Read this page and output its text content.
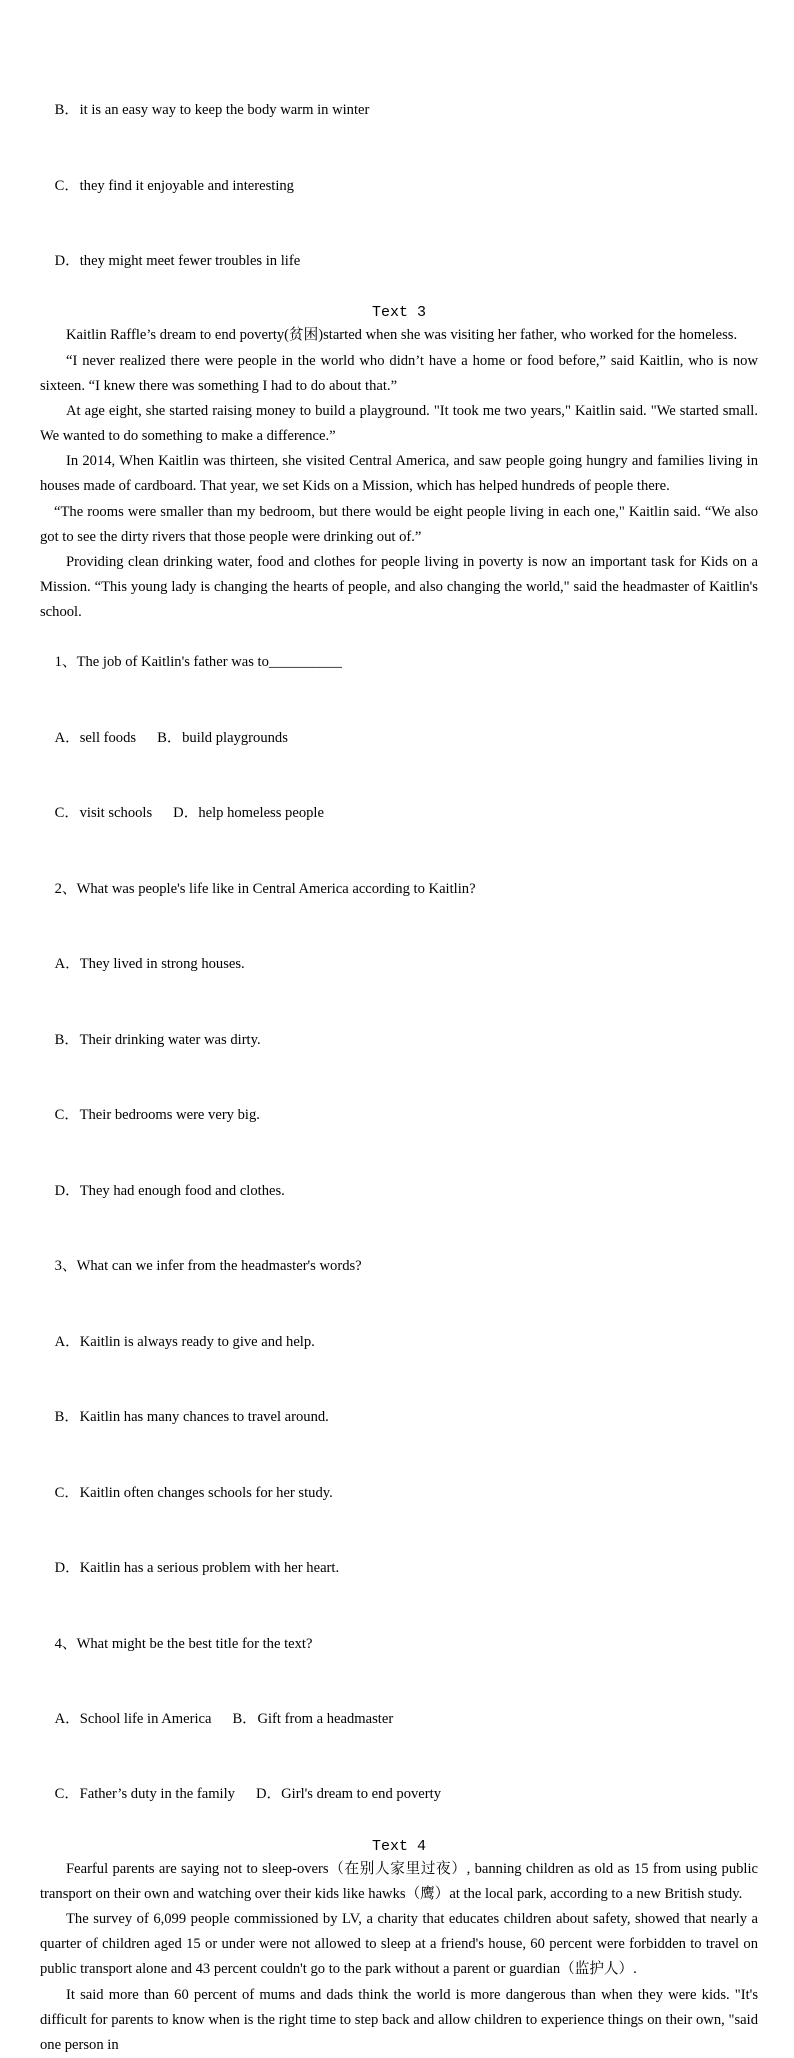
B．it is an easy way to keep the body warm in winter

C．they find it enjoyable and interesting

D．they might meet fewer troubles in life

Text 3

Kaitlin Raffle’s dream to end poverty(贫困)started when she was visiting her father, who worked for the homeless.

“I never realized there were people in the world who didn’t have a home or food before,” said Kaitlin, who is now sixteen. “I knew there was something I had to do about that.”

At age eight, she started raising money to build a playground. "It took me two years," Kaitlin said. "We started small. We wanted to do something to make a difference.”

In 2014, When Kaitlin was thirteen, she visited Central America, and saw people going hungry and families living in houses made of cardboard. That year, we set Kids on a Mission, which has helped hundreds of people there.

“The rooms were smaller than my bedroom, but there would be eight people living in each one," Kaitlin said. “We also got to see the dirty rivers that those people were drinking out of.”

Providing clean drinking water, food and clothes for people living in poverty is now an important task for Kids on a Mission. “This young lady is changing the hearts of people, and also changing the world," said the headmaster of Kaitlin's school.

1、The job of Kaitlin's father was to__________

A．sell foods B．build playgrounds

C．visit schools D．help homeless people

2、What was people's life like in Central America according to Kaitlin?

A．They lived in strong houses.

B．Their drinking water was dirty.

C．Their bedrooms were very big.

D．They had enough food and clothes.

3、What can we infer from the headmaster's words?

A．Kaitlin is always ready to give and help.

B．Kaitlin has many chances to travel around.

C．Kaitlin often changes schools for her study.

D．Kaitlin has a serious problem with her heart.

4、What might be the best title for the text?

A．School life in America B．Gift from a headmaster

C．Father’s duty in the family D．Girl's dream to end poverty

Text 4

Fearful parents are saying not to sleep-overs（在别人家里过夜）, banning children as old as 15 from using public transport on their own and watching over their kids like hawks（鹰）at the local park, according to a new British study.

The survey of 6,099 people commissioned by LV, a charity that educates children about safety, showed that nearly a quarter of children aged 15 or under were not allowed to sleep at a friend's house, 60 percent were forbidden to travel on public transport alone and 43 percent couldn't go to the park without a parent or guardian（监护人）.

It said more than 60 percent of mums and dads think the world is more dangerous than when they were kids. "It's difficult for parents to know when is the right time to step back and allow children to experience things on their own, "said one person in
